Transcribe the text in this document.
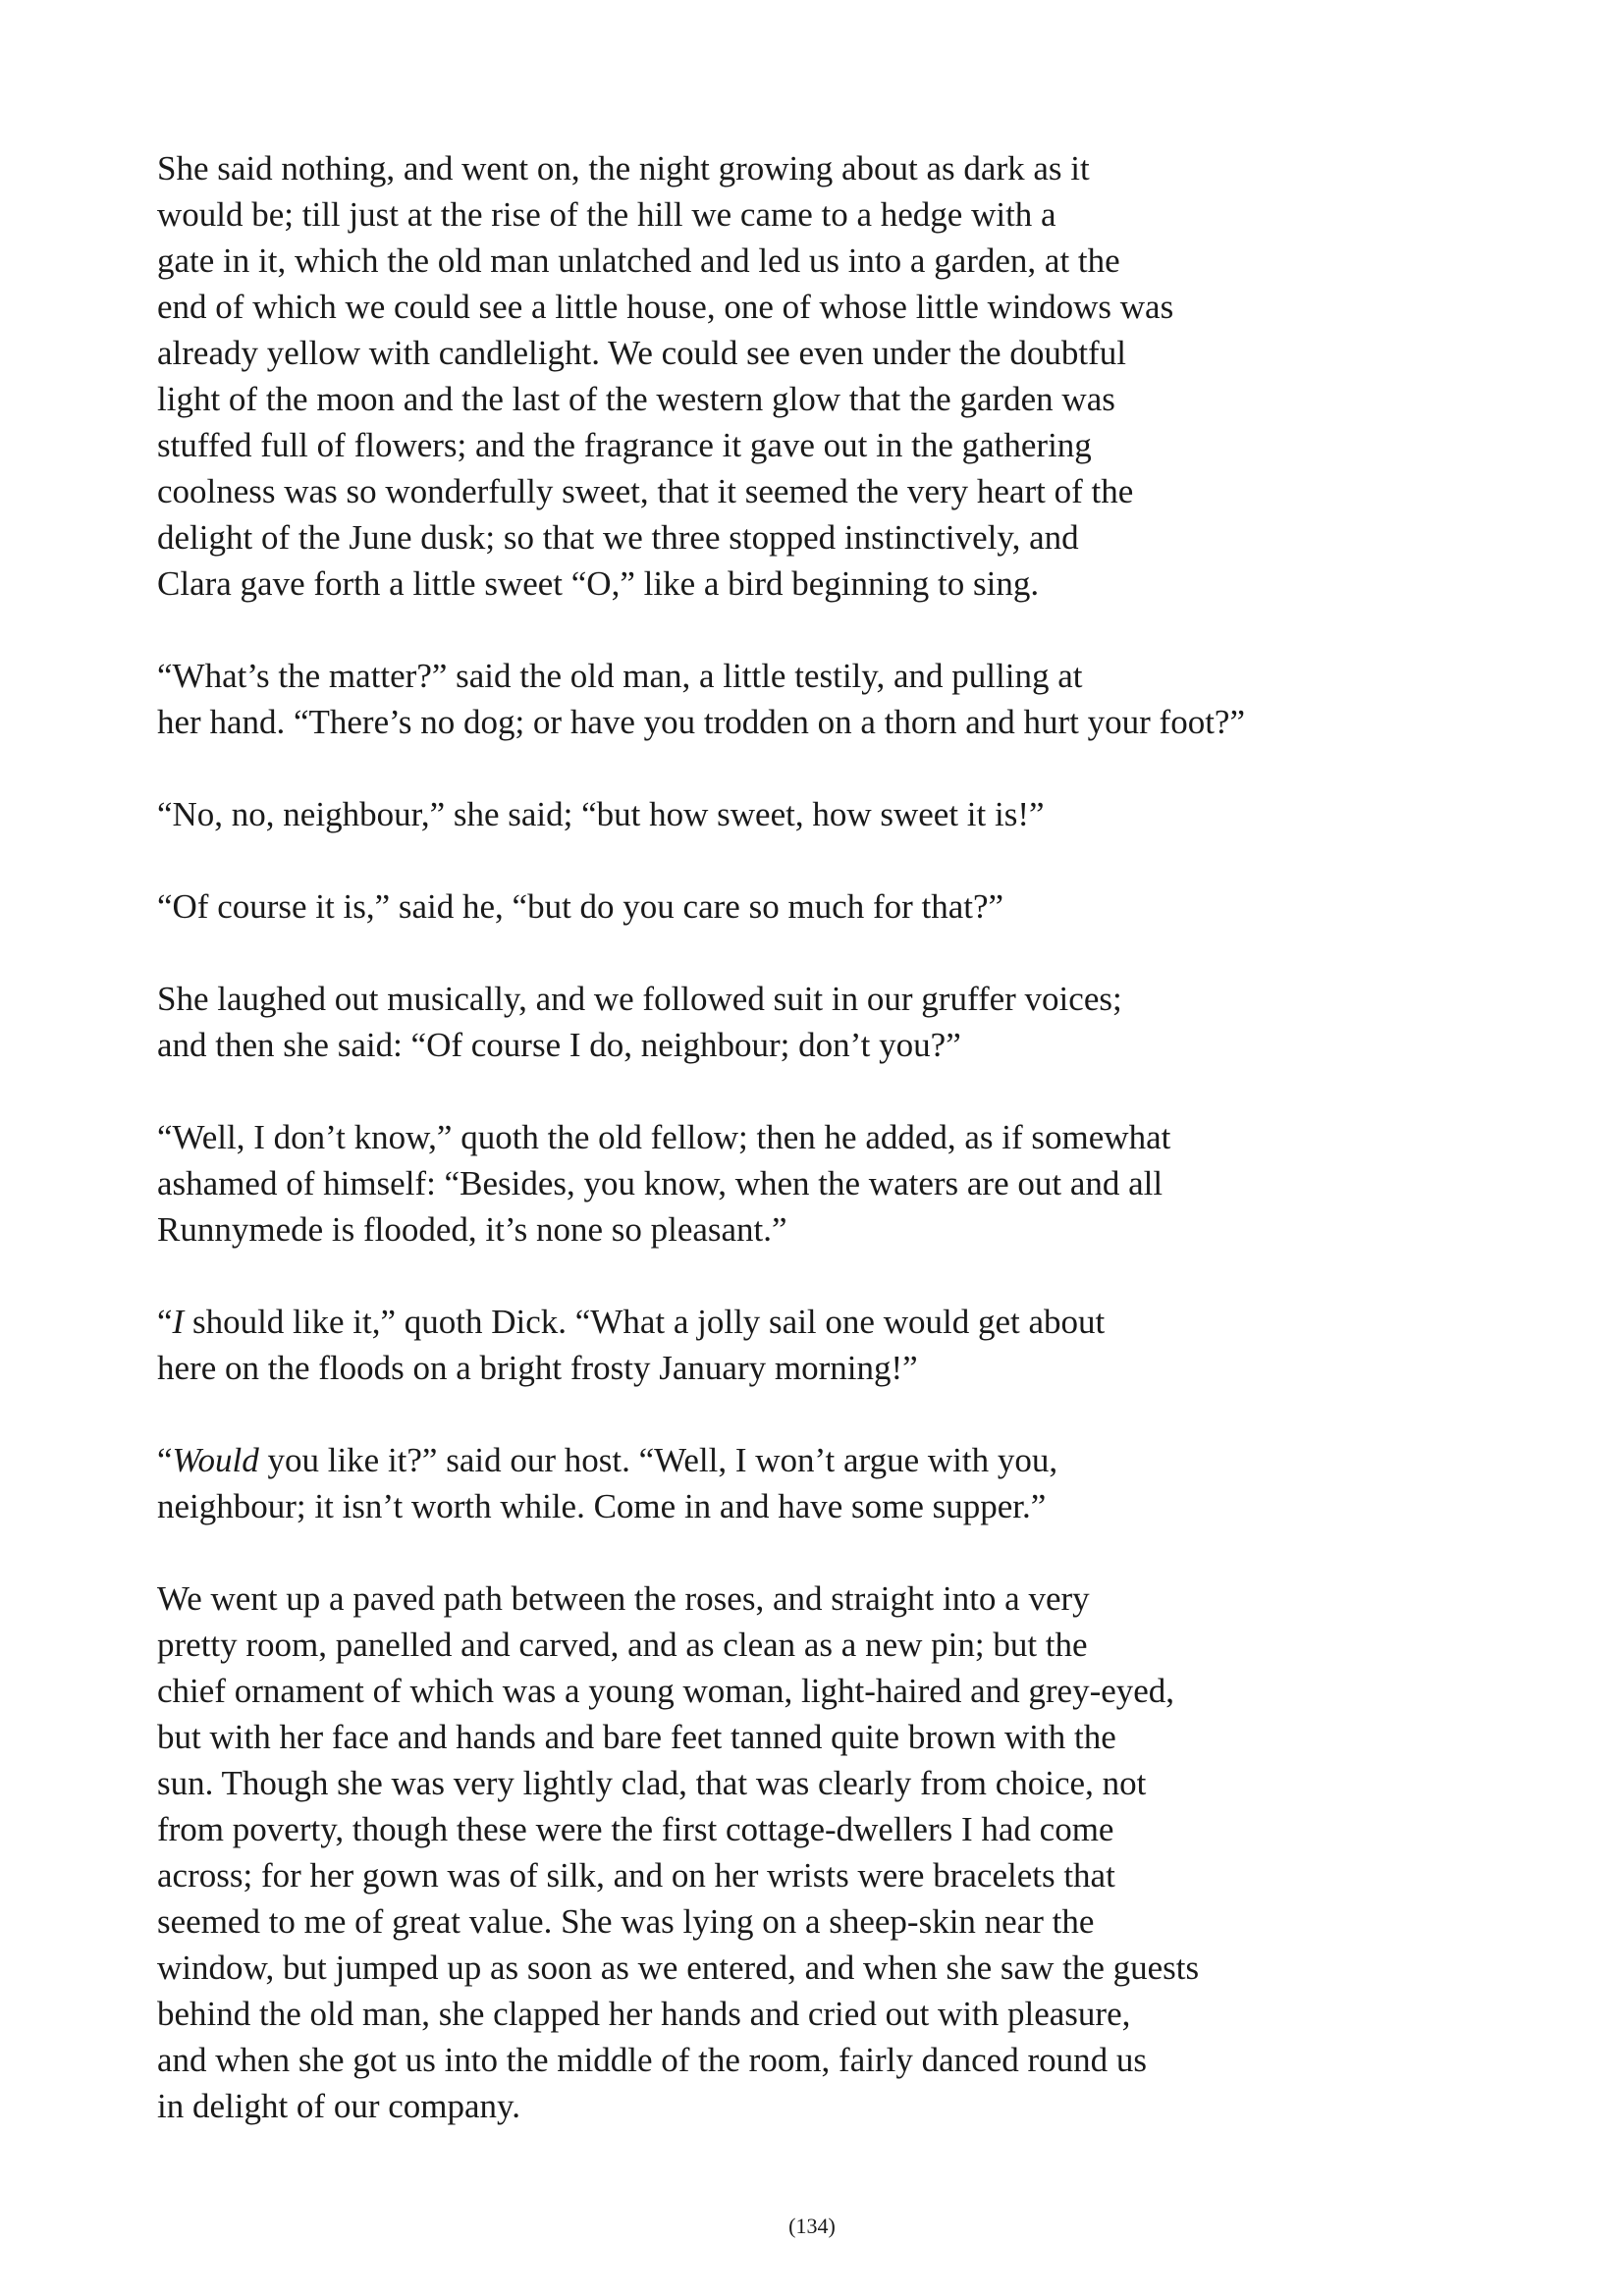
She said nothing, and went on, the night growing about as dark as it
would be; till just at the rise of the hill we came to a hedge with a
gate in it, which the old man unlatched and led us into a garden, at the
end of which we could see a little house, one of whose little windows was
already yellow with candlelight. We could see even under the doubtful
light of the moon and the last of the western glow that the garden was
stuffed full of flowers; and the fragrance it gave out in the gathering
coolness was so wonderfully sweet, that it seemed the very heart of the
delight of the June dusk; so that we three stopped instinctively, and
Clara gave forth a little sweet “O,” like a bird beginning to sing.

“What’s the matter?” said the old man, a little testily, and pulling at
her hand. “There’s no dog; or have you trodden on a thorn and hurt your foot?”

“No, no, neighbour,” she said; “but how sweet, how sweet it is!”

“Of course it is,” said he, “but do you care so much for that?”

She laughed out musically, and we followed suit in our gruffer voices;
and then she said: “Of course I do, neighbour; don’t you?”

“Well, I don’t know,” quoth the old fellow; then he added, as if somewhat
ashamed of himself: “Besides, you know, when the waters are out and all
Runnymede is flooded, it’s none so pleasant.”

“I should like it,” quoth Dick. “What a jolly sail one would get about
here on the floods on a bright frosty January morning!”

“Would you like it?” said our host. “Well, I won’t argue with you,
neighbour; it isn’t worth while. Come in and have some supper.”

We went up a paved path between the roses, and straight into a very
pretty room, panelled and carved, and as clean as a new pin; but the
chief ornament of which was a young woman, light-haired and grey-eyed,
but with her face and hands and bare feet tanned quite brown with the
sun. Though she was very lightly clad, that was clearly from choice, not
from poverty, though these were the first cottage-dwellers I had come
across; for her gown was of silk, and on her wrists were bracelets that
seemed to me of great value. She was lying on a sheep-skin near the
window, but jumped up as soon as we entered, and when she saw the guests
behind the old man, she clapped her hands and cried out with pleasure,
and when she got us into the middle of the room, fairly danced round us
in delight of our company.

(134)
